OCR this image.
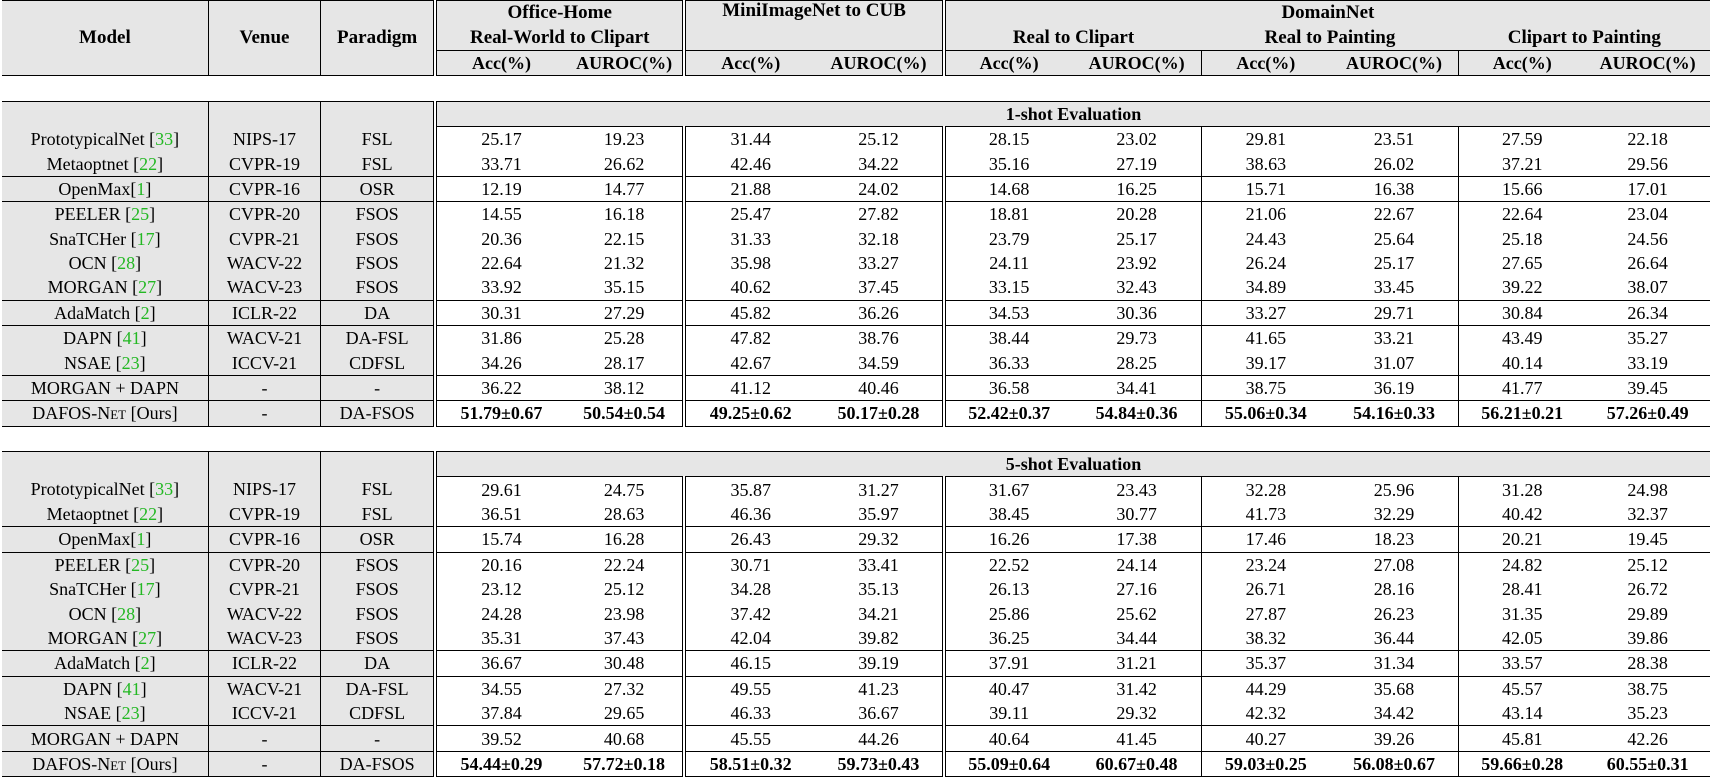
Model	Venue	Paradigm	Office-Home		MiniImageNet to CUB		DomainNet					
			Real-World to Clipart				Real to Clipart		Real to Painting		Clipart to Painting	
			Acc(%)	AUROC(%)	Acc(%)	AUROC(%)	Acc(%)	AUROC(%)	Acc(%)	AUROC(%)	Acc(%)	AUROC(%)

			1-shot Evaluation									
PrototypicalNet [33]	NIPS-17	FSL	25.17	19.23	31.44	25.12	28.15	23.02	29.81	23.51	27.59	22.18
Metaoptnet [22]	CVPR-19	FSL	33.71	26.62	42.46	34.22	35.16	27.19	38.63	26.02	37.21	29.56
OpenMax[1]	CVPR-16	OSR	12.19	14.77	21.88	24.02	14.68	16.25	15.71	16.38	15.66	17.01
PEELER [25]	CVPR-20	FSOS	14.55	16.18	25.47	27.82	18.81	20.28	21.06	22.67	22.64	23.04
SnaTCHer [17]	CVPR-21	FSOS	20.36	22.15	31.33	32.18	23.79	25.17	24.43	25.64	25.18	24.56
OCN [28]	WACV-22	FSOS	22.64	21.32	35.98	33.27	24.11	23.92	26.24	25.17	27.65	26.64
MORGAN [27]	WACV-23	FSOS	33.92	35.15	40.62	37.45	33.15	32.43	34.89	33.45	39.22	38.07
AdaMatch [2]	ICLR-22	DA	30.31	27.29	45.82	36.26	34.53	30.36	33.27	29.71	30.84	26.34
DAPN [41]	WACV-21	DA-FSL	31.86	25.28	47.82	38.76	38.44	29.73	41.65	33.21	43.49	35.27
NSAE [23]	ICCV-21	CDFSL	34.26	28.17	42.67	34.59	36.33	28.25	39.17	31.07	40.14	33.19
MORGAN + DAPN	-	-	36.22	38.12	41.12	40.46	36.58	34.41	38.75	36.19	41.77	39.45
DAFOS-Net [Ours]	-	DA-FSOS	51.79±0.67	50.54±0.54	49.25±0.62	50.17±0.28	52.42±0.37	54.84±0.36	55.06±0.34	54.16±0.33	56.21±0.21	57.26±0.49

			5-shot Evaluation									
PrototypicalNet [33]	NIPS-17	FSL	29.61	24.75	35.87	31.27	31.67	23.43	32.28	25.96	31.28	24.98
Metaoptnet [22]	CVPR-19	FSL	36.51	28.63	46.36	35.97	38.45	30.77	41.73	32.29	40.42	32.37
OpenMax[1]	CVPR-16	OSR	15.74	16.28	26.43	29.32	16.26	17.38	17.46	18.23	20.21	19.45
PEELER [25]	CVPR-20	FSOS	20.16	22.24	30.71	33.41	22.52	24.14	23.24	27.08	24.82	25.12
SnaTCHer [17]	CVPR-21	FSOS	23.12	25.12	34.28	35.13	26.13	27.16	26.71	28.16	28.41	26.72
OCN [28]	WACV-22	FSOS	24.28	23.98	37.42	34.21	25.86	25.62	27.87	26.23	31.35	29.89
MORGAN [27]	WACV-23	FSOS	35.31	37.43	42.04	39.82	36.25	34.44	38.32	36.44	42.05	39.86
AdaMatch [2]	ICLR-22	DA	36.67	30.48	46.15	39.19	37.91	31.21	35.37	31.34	33.57	28.38
DAPN [41]	WACV-21	DA-FSL	34.55	27.32	49.55	41.23	40.47	31.42	44.29	35.68	45.57	38.75
NSAE [23]	ICCV-21	CDFSL	37.84	29.65	46.33	36.67	39.11	29.32	42.32	34.42	43.14	35.23
MORGAN + DAPN	-	-	39.52	40.68	45.55	44.26	40.64	41.45	40.27	39.26	45.81	42.26
DAFOS-Net [Ours]	-	DA-FSOS	54.44±0.29	57.72±0.18	58.51±0.32	59.73±0.43	55.09±0.64	60.67±0.48	59.03±0.25	56.08±0.67	59.66±0.28	60.55±0.31
